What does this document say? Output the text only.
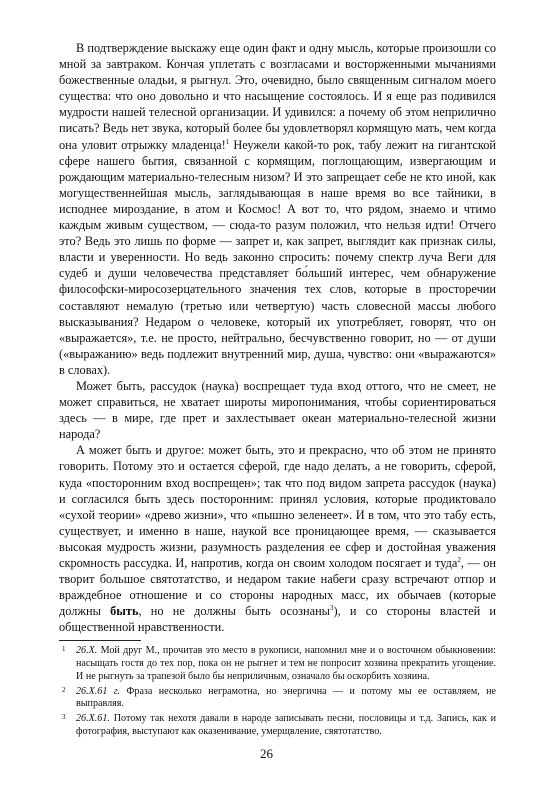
В подтверждение выскажу еще один факт и одну мысль, которые произошли со мной за завтраком. Кончая уплетать с возгласами и восторженными мычаниями божественные оладьи, я рыгнул. Это, очевидно, было священным сигналом моего существа: что оно довольно и что насыщение состоялось. И я еще раз подивился мудрости нашей телесной организации. И удивился: а почему об этом неприлично писать? Ведь нет звука, который более бы удовлетворял кормящую мать, чем когда она уловит отрыжку младенца!$^1$ Неужели какой-то рок, табу лежит на гигантской сфере нашего бытия, связанной с кормящим, поглощающим, извергающим и рождающим материально-телесным низом? И это запрещает себе не кто иной, как могущественнейшая мысль, заглядывающая в наше время во все тайники, в исподнее мироздание, в атом и Космос! А вот то, что рядом, знаемо и чтимо каждым живым существом, — сюда-то разум положил, что нельзя идти! Отчего это? Ведь это лишь по форме — запрет и, как запрет, выглядит как признак силы, власти и уверенности. Но ведь законно спросить: почему спектр луча Веги для судеб и души человечества представляет бо́льший интерес, чем обнаружение философски-миросозерцательного значения тех слов, которые в просторечии составляют немалую (третью или четвертую) часть словесной массы любого высказывания? Недаром о человеке, который их употребляет, говорят, что он «выражается», т.е. не просто, нейтрально, бесчувственно говорит, но — от души («выражанию» ведь подлежит внутренний мир, душа, чувство: они «выражаются» в словах).

Может быть, рассудок (наука) воспрещает туда вход оттого, что не смеет, не может справиться, не хватает широты миропонимания, чтобы сориентироваться здесь — в мире, где прет и захлестывает океан материально-телесной жизни народа?

А может быть и другое: может быть, это и прекрасно, что об этом не принято говорить. Потому это и остается сферой, где надо делать, а не говорить, сферой, куда «посторонним вход воспрещен»; так что под видом запрета рассудок (наука) и согласился быть здесь посторонним: принял условия, которые продиктовало «сухой теории» «древо жизни», что «пышно зеленеет». И в том, что это табу есть, существует, и именно в наше, наукой все проницающее время, — сказывается высокая мудрость жизни, разумность разделения ее сфер и достойная уважения скромность рассудка. И, напротив, когда он своим холодом посягает и туда$^2$, — он творит большое святотатство, и недаром такие набеги сразу встречают отпор и враждебное отношение и со стороны народных масс, их обычаев (которые должны быть, но не должны быть осознаны$^3$), и со стороны властей и общественной нравственности.

1 26.X. Мой друг М., прочитав это место в рукописи, напомнил мне и о восточном обыкновении: насыщать гостя до тех пор, пока он не рыгнет и тем не попросит хозяина прекратить угощение. И не рыгнуть за трапезой было бы неприличным, означало бы оскорбить хозяина.

2 26.X.61 г. Фраза несколько неграмотна, но энергична — и потому мы ее оставляем, не выправляя.

3 26.X.61. Потому так нехотя давали в народе записывать песни, пословицы и т.д. Запись, как и фотография, выступают как оказенивание, умерщвление, святотатство.

26
